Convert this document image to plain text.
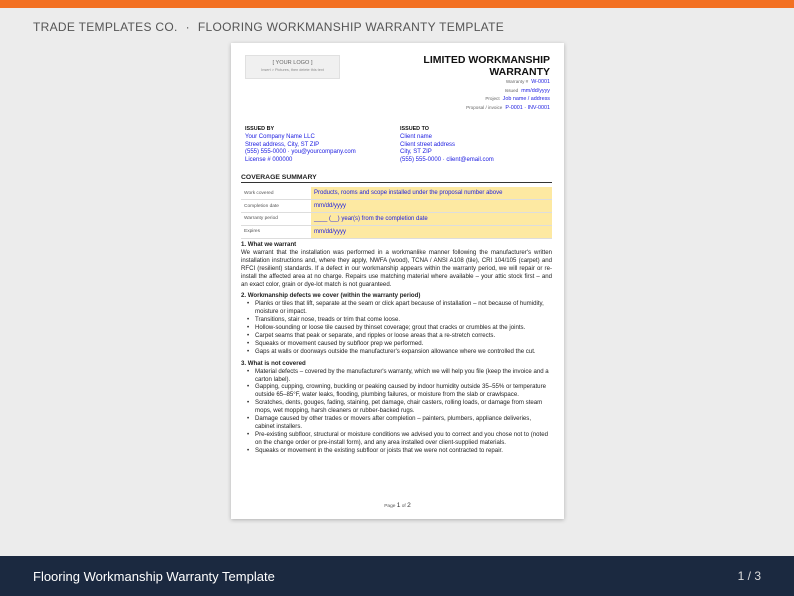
TRADE TEMPLATES CO. · FLOORING WORKMANSHIP WARRANTY TEMPLATE
[ YOUR LOGO ]
Insert > Pictures, then delete this text
LIMITED WORKMANSHIP
WARRANTY
Warranty # W-0001
Issued mm/dd/yyyy
Project Job name / address
Proposal / invoice P-0001 · INV-0001
ISSUED BY
Your Company Name LLC
Street address, City, ST ZIP
(555) 555-0000 · you@yourcompany.com
License # 000000
ISSUED TO
Client name
Client street address
City, ST ZIP
(555) 555-0000 · client@email.com
COVERAGE SUMMARY
Work covered	Products, rooms and scope installed under the proposal number above
Completion date	mm/dd/yyyy
Warranty period	____ (__) year(s) from the completion date
Expires	mm/dd/yyyy
1. What we warrant
We warrant that the installation was performed in a workmanlike manner following the manufacturer's written installation instructions and, where they apply, NWFA (wood), TCNA / ANSI A108 (tile), CRI 104/105 (carpet) and RFCI (resilient) standards. If a defect in our workmanship appears within the warranty period, we will repair or re-install the affected area at no charge. Repairs use matching material where available – your attic stock first – and an exact color, grain or dye-lot match is not guaranteed.
2. Workmanship defects we cover (within the warranty period)
• Planks or tiles that lift, separate at the seam or click apart because of installation – not because of humidity, moisture or impact.
• Transitions, stair nose, treads or trim that come loose.
• Hollow-sounding or loose tile caused by thinset coverage; grout that cracks or crumbles at the joints.
• Carpet seams that peak or separate, and ripples or loose areas that a re-stretch corrects.
• Squeaks or movement caused by subfloor prep we performed.
• Gaps at walls or doorways outside the manufacturer's expansion allowance where we controlled the cut.
3. What is not covered
• Material defects – covered by the manufacturer's warranty, which we will help you file (keep the invoice and a carton label).
• Gapping, cupping, crowning, buckling or peaking caused by indoor humidity outside 35–55% or temperature outside 65–85°F, water leaks, flooding, plumbing failures, or moisture from the slab or crawlspace.
• Scratches, dents, gouges, fading, staining, pet damage, chair casters, rolling loads, or damage from steam mops, wet mopping, harsh cleaners or rubber-backed rugs.
• Damage caused by other trades or movers after completion – painters, plumbers, appliance deliveries, cabinet installers.
• Pre-existing subfloor, structural or moisture conditions we advised you to correct and you chose not to (noted on the change order or pre-install form), and any area installed over client-supplied materials.
• Squeaks or movement in the existing subfloor or joists that we were not contracted to repair.
Page 1 of 2
Flooring Workmanship Warranty Template	1 / 3
